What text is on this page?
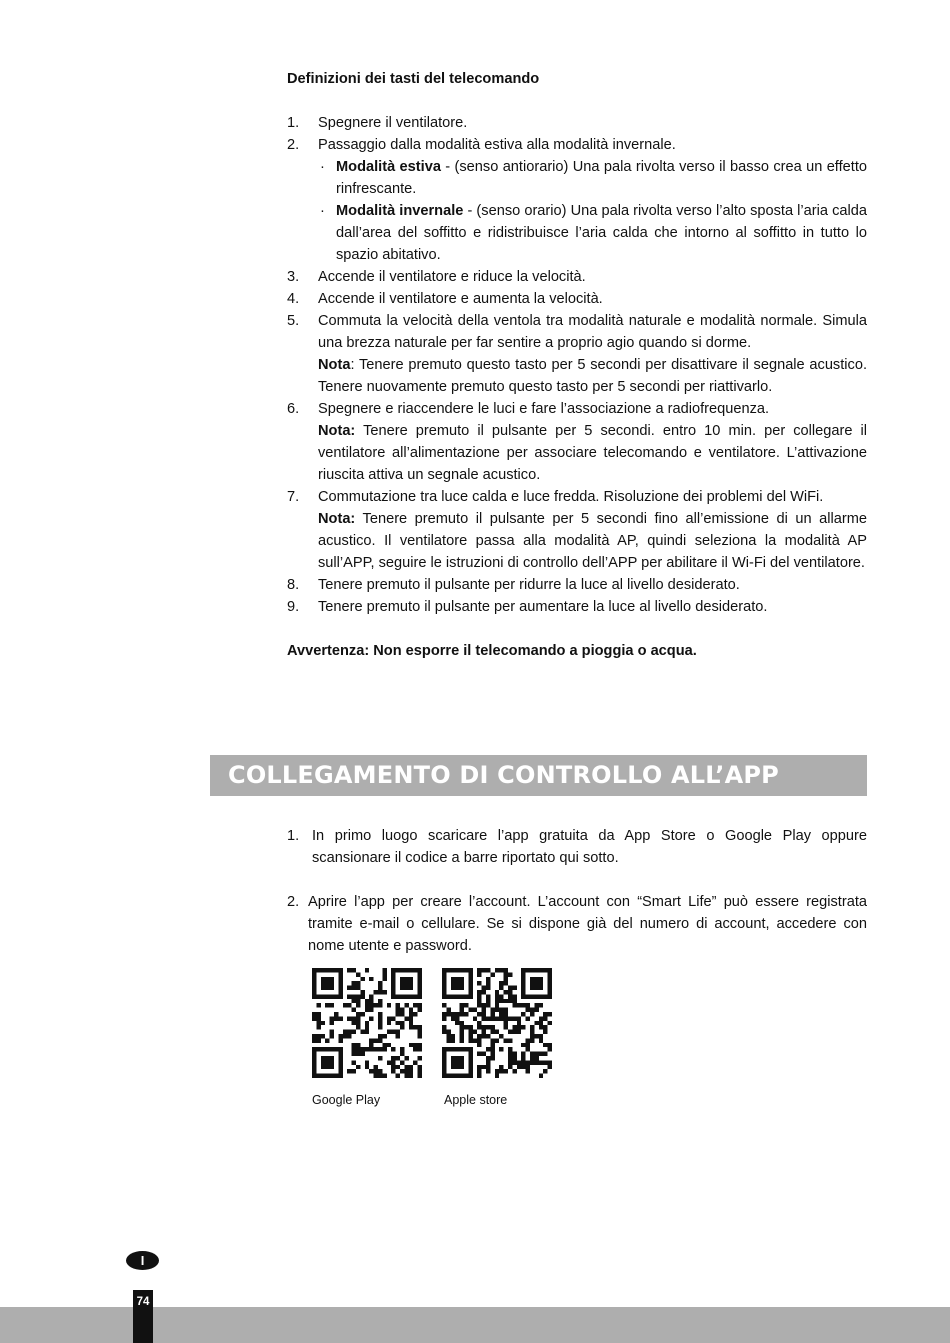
Definizioni dei tasti del telecomando

1. Spegnere il ventilatore.
2. Passaggio dalla modalità estiva alla modalità invernale.
· Modalità estiva - (senso antiorario) Una pala rivolta verso il basso crea un effetto rinfrescante.
· Modalità invernale - (senso orario) Una pala rivolta verso l’alto sposta l’aria calda dall’area del soffitto e ridistribuisce l’aria calda che intorno al soffitto in tutto lo spazio abitativo.
3. Accende il ventilatore e riduce la velocità.
4. Accende il ventilatore e aumenta la velocità.
5. Commuta la velocità della ventola tra modalità naturale e modalità normale. Simula una brezza naturale per far sentire a proprio agio quando si dorme.
Nota: Tenere premuto questo tasto per 5 secondi per disattivare il segnale acustico. Tenere nuovamente premuto questo tasto per 5 secondi per riattivarlo.
6. Spegnere e riaccendere le luci e fare l’associazione a radiofrequenza.
Nota: Tenere premuto il pulsante per 5 secondi. entro 10 min. per collegare il ventilatore all’alimentazione per associare telecomando e ventilatore. L’attivazione riuscita attiva un segnale acustico.
7. Commutazione tra luce calda e luce fredda. Risoluzione dei problemi del WiFi.
Nota: Tenere premuto il pulsante per 5 secondi fino all’emissione di un allarme acustico. Il ventilatore passa alla modalità AP, quindi seleziona la modalità AP sull’APP, seguire le istruzioni di controllo dell’APP per abilitare il Wi-Fi del ventilatore.
8. Tenere premuto il pulsante per ridurre la luce al livello desiderato.
9. Tenere premuto il pulsante per aumentare la luce al livello desiderato.
Avvertenza: Non esporre il telecomando a pioggia o acqua.
COLLEGAMENTO DI CONTROLLO ALL’APP
1. In primo luogo scaricare l’app gratuita da App Store o Google Play oppure scansionare il codice a barre riportato qui sotto.
2. Aprire l’app per creare l’account. L’account con “Smart Life” può essere registrata tramite e-mail o cellulare. Se si dispone già del numero di account, accedere con nome utente e password.
Google Play	Apple store
I
74
